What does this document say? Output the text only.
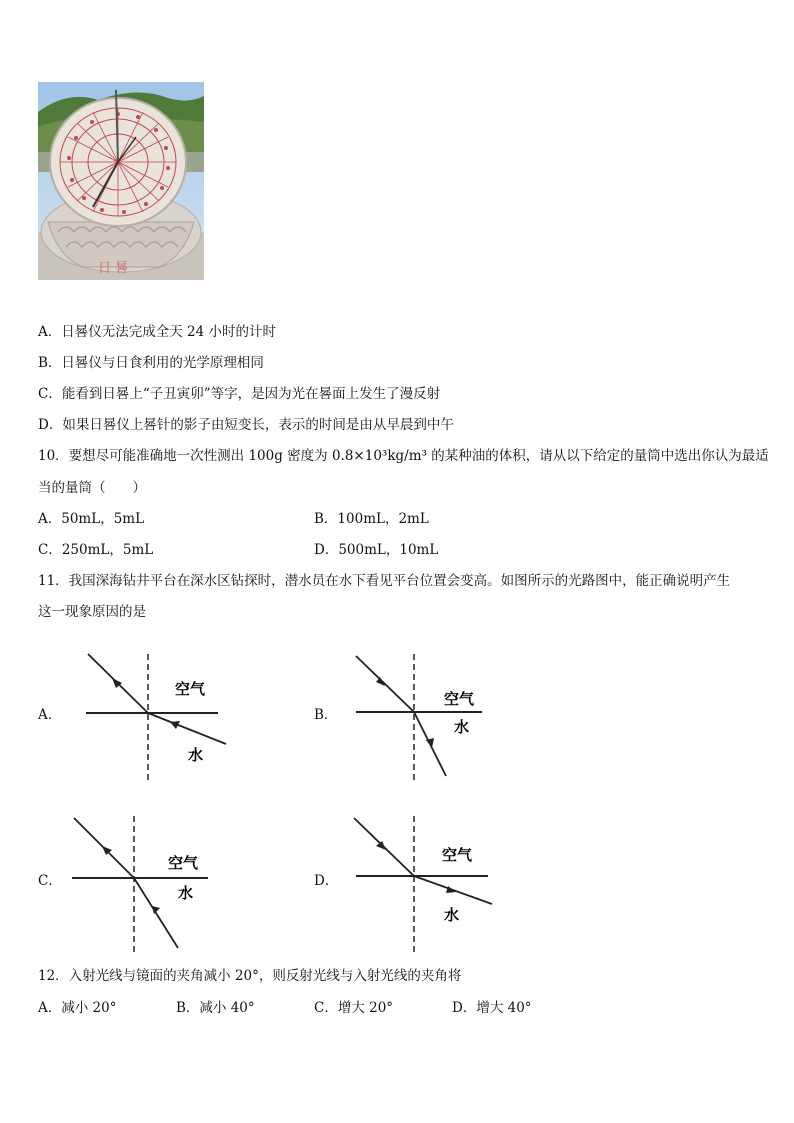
日 晷
A．日晷仪无法完成全天 24 小时的计时
B．日晷仪与日食利用的光学原理相同
C．能看到日晷上“子丑寅卯”等字，是因为光在晷面上发生了漫反射
D．如果日晷仪上晷针的影子由短变长，表示的时间是由从早晨到中午
10．要想尽可能准确地一次性测出 100g 密度为 0.8×10³kg/m³ 的某种油的体积，请从以下给定的量筒中选出你认为最适
当的量筒（　　）
A．50mL，5mL	B．100mL，2mL
C．250mL，5mL	D．500mL，10mL
11．我国深海钻井平台在深水区钻探时，潜水员在水下看见平台位置会变高。如图所示的光路图中，能正确说明产生
这一现象原因的是
A．	B．
C．	D．
空气
水
空气
水
空气
水
空气
水
12．入射光线与镜面的夹角减小 20°，则反射光线与入射光线的夹角将
A．减小 20°	B．减小 40°	C．增大 20°	D．增大 40°
